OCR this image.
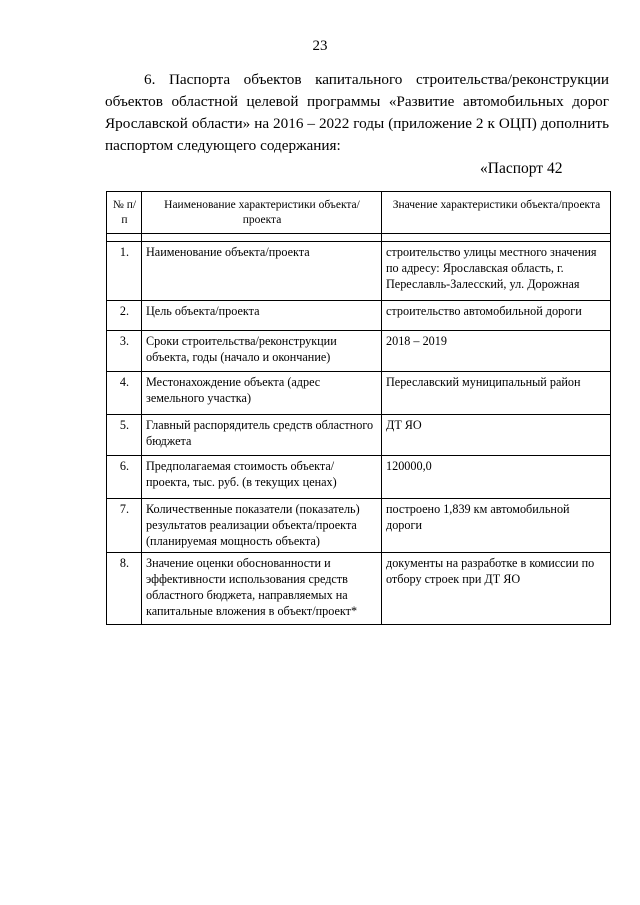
23

6. Паспорта объектов капитального строительства/реконструкции объектов областной целевой программы «Развитие автомобильных дорог Ярославской области» на 2016 – 2022 годы (приложение 2 к ОЦП) дополнить паспортом следующего содержания:

«Паспорт 42
№ п/п	Наименование характеристики объекта/проекта	Значение характеристики объекта/проекта

1.	Наименование объекта/проекта	строительство улицы местного значения по адресу: Ярославская область, г. Переславль-Залесский, ул. Дорожная
2.	Цель объекта/проекта	строительство автомобильной дороги
3.	Сроки строительства/реконструкции объекта, годы (начало и окончание)	2018 – 2019
4.	Местонахождение объекта (адрес земельного участка)	Переславский муниципальный район
5.	Главный распорядитель средств областного бюджета	ДТ ЯО
6.	Предполагаемая стоимость объекта/проекта, тыс. руб. (в текущих ценах)	120000,0
7.	Количественные показатели (показатель) результатов реализации объекта/проекта (планируемая мощность объекта)	построено 1,839 км автомобильной дороги
8.	Значение оценки обоснованности и эффективности использования средств областного бюджета, направляемых на капитальные вложения в объект/проект*	документы на разработке в комиссии по отбору строек при ДТ ЯО
